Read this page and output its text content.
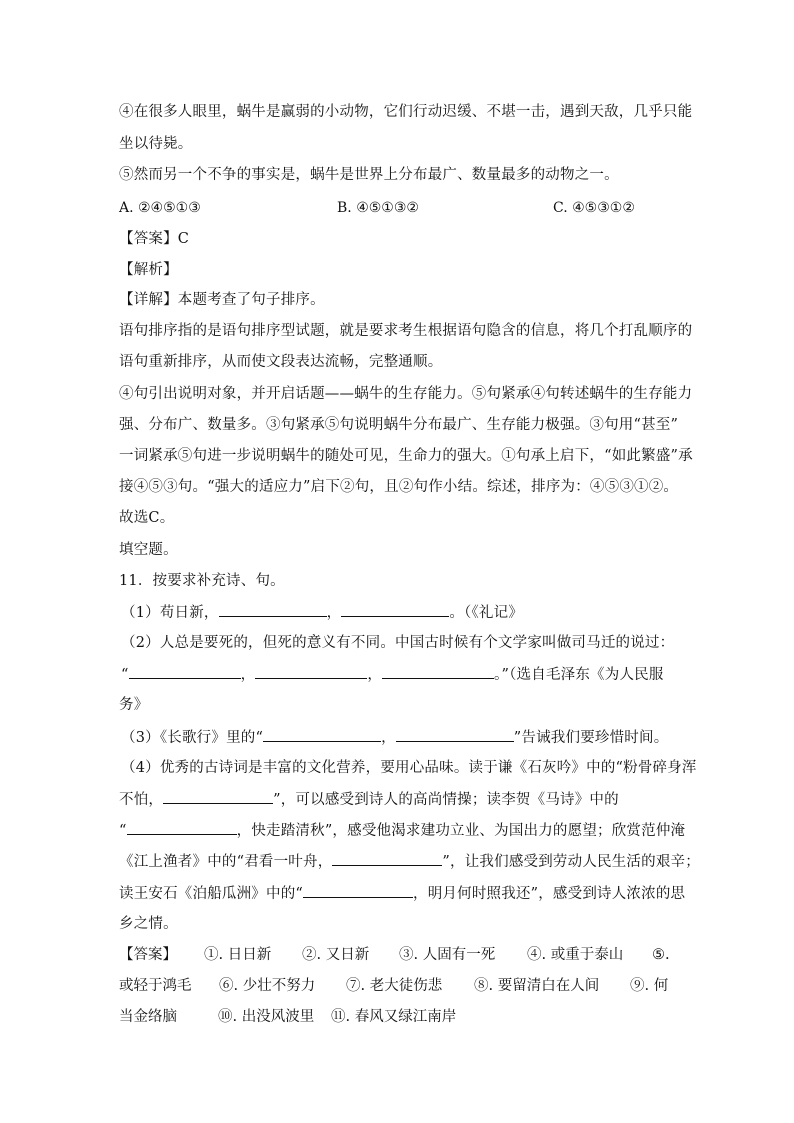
④在很多人眼里，蜗牛是赢弱的小动物，它们行动迟缓、不堪一击，遇到天敌，几乎只能
坐以待毙。
⑤然而另一个不争的事实是，蜗牛是世界上分布最广、数量最多的动物之一。
A. ②④⑤①③	B. ④⑤①③②	C. ④⑤③①②
【答案】C
【解析】
【详解】本题考查了句子排序。
语句排序指的是语句排序型试题，就是要求考生根据语句隐含的信息，将几个打乱顺序的
语句重新排序，从而使文段表达流畅，完整通顺。
④句引出说明对象，并开启话题——蜗牛的生存能力。⑤句紧承④句转述蜗牛的生存能力
强、分布广、数量多。③句紧承⑤句说明蜗牛分布最广、生存能力极强。③句用“甚至”
一词紧承⑤句进一步说明蜗牛的随处可见，生命力的强大。①句承上启下，“如此繁盛”承
接④⑤③句。“强大的适应力”启下②句，且②句作小结。综述，排序为：④⑤③①②。
故选C。
填空题。
11．按要求补充诗、句。
（1）苟日新，	，	。（《礼记》
（2）人总是要死的，但死的意义有不同。中国古时候有个文学家叫做司马迁的说过：
“	，	，	。”（选自毛泽东《为人民服
务》
（3）《长歌行》里的“	，	”告诫我们要珍惜时间。
（4）优秀的古诗词是丰富的文化营养，要用心品味。读于谦《石灰吟》中的“粉骨碎身浑
不怕，	”，可以感受到诗人的高尚情操；读李贺《马诗》中的
“	，快走踏清秋”，感受他渴求建功立业、为国出力的愿望；欣赏范仲淹
《江上渔者》中的“君看一叶舟，	”，让我们感受到劳动人民生活的艰辛；
读王安石《泊船瓜洲》中的“	，明月何时照我还”，感受到诗人浓浓的思
乡之情。
【答案】 ①. 日日新 ②. 又日新 ③. 人固有一死 ④. 或重于泰山 ⑤.
或轻于鸿毛 ⑥. 少壮不努力 ⑦. 老大徒伤悲 ⑧. 要留清白在人间 ⑨. 何
当金络脑	⑩. 出没风波里 ⑪. 春风又绿江南岸
